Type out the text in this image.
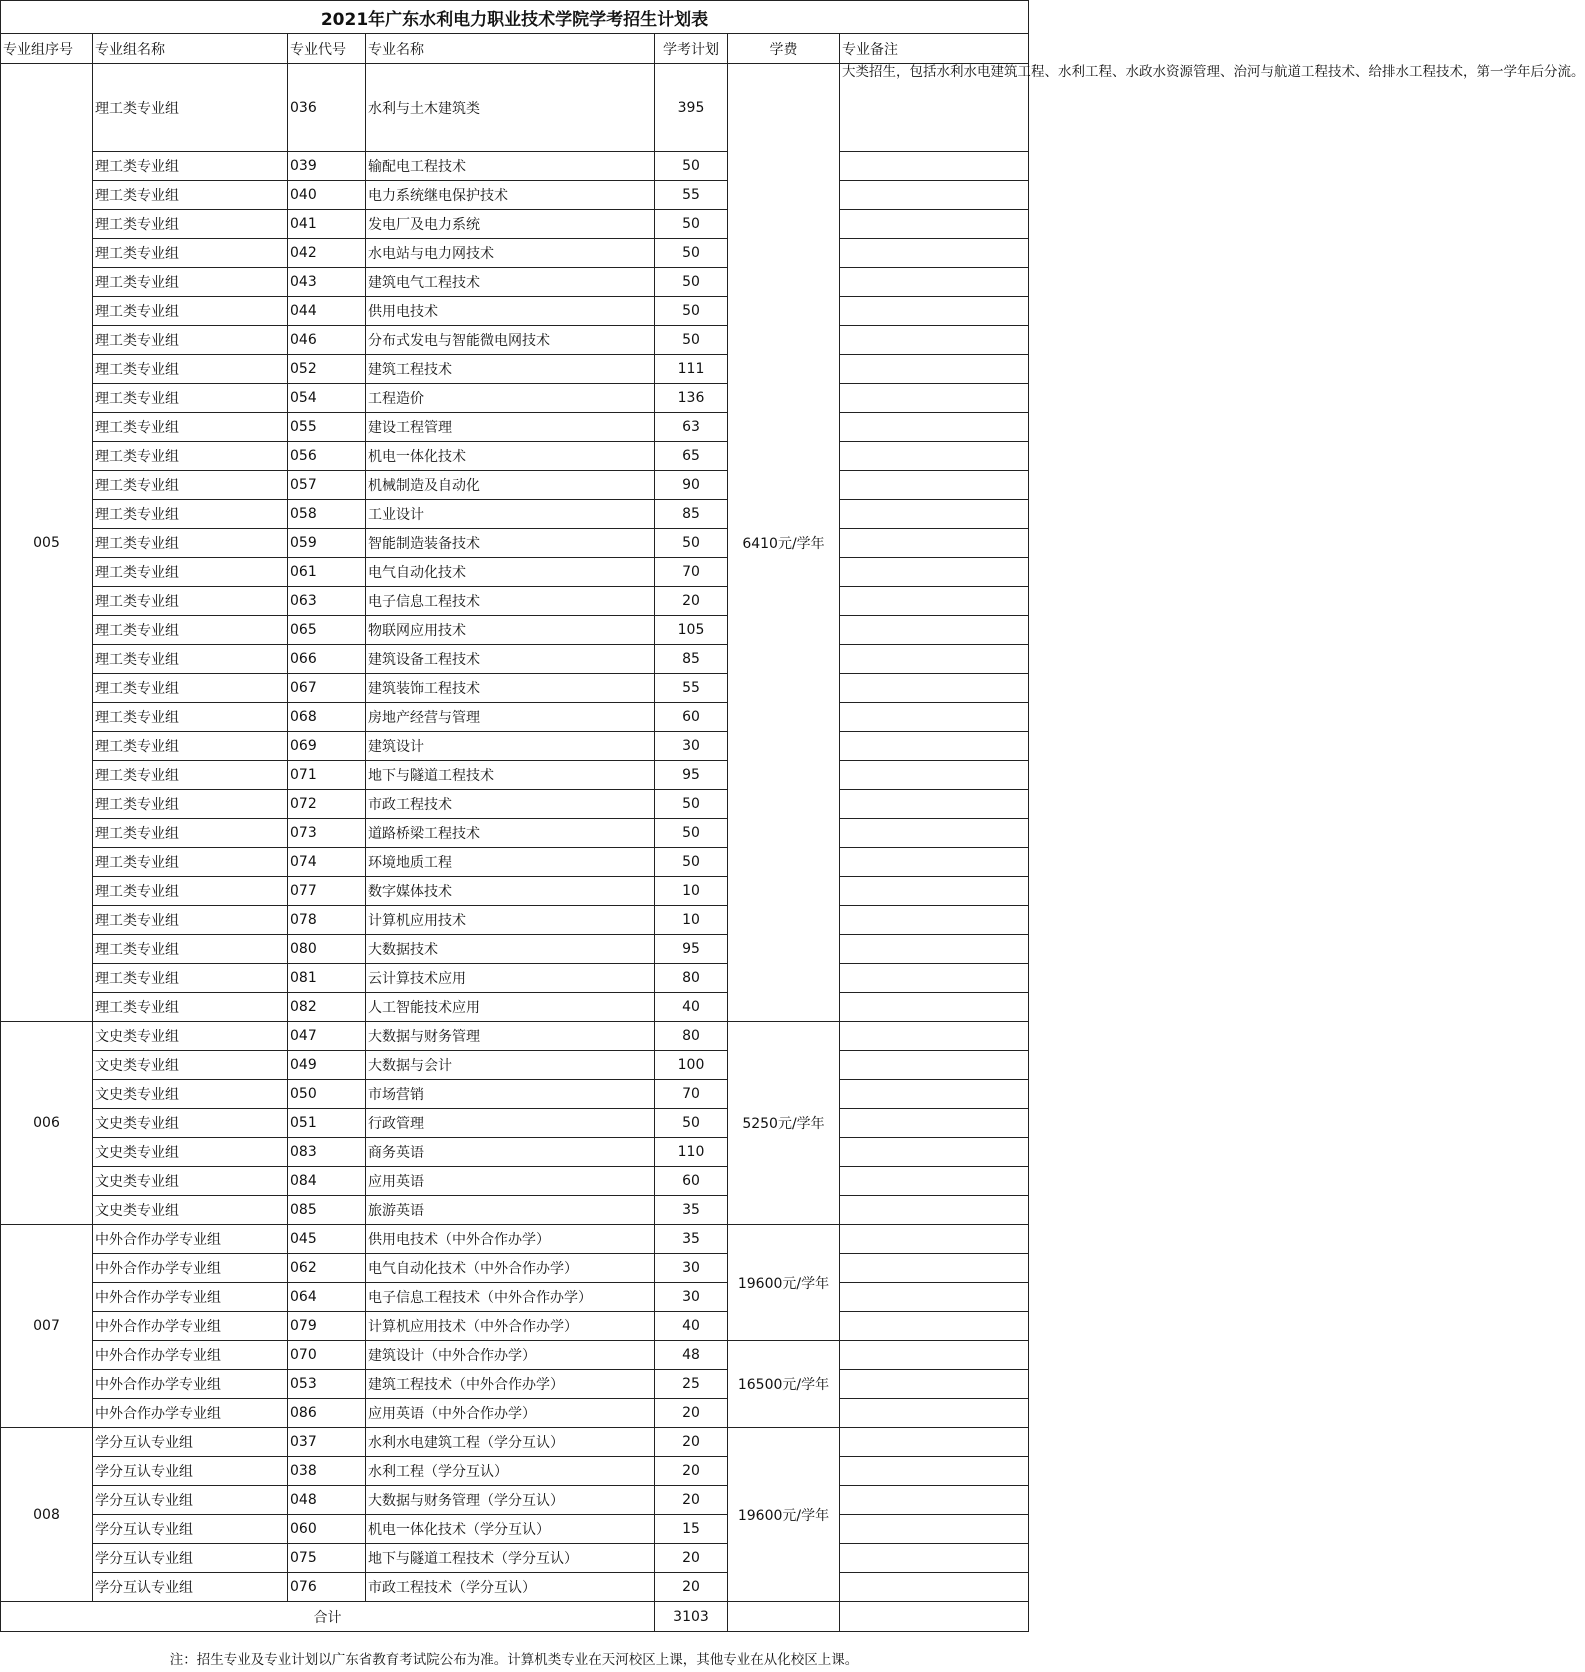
2021年广东水利电力职业技术学院学考招生计划表						
专业组序号	专业组名称	专业代号	专业名称	学考计划	学费	专业备注
005	理工类专业组	036	水利与土木建筑类	395	6410元/学年	大类招生，包括水利水电建筑工程、水利工程、水政水资源管理、治河与航道工程技术、给排水工程技术，第一学年后分流。
	理工类专业组	039	输配电工程技术	50		
	理工类专业组	040	电力系统继电保护技术	55		
	理工类专业组	041	发电厂及电力系统	50		
	理工类专业组	042	水电站与电力网技术	50		
	理工类专业组	043	建筑电气工程技术	50		
	理工类专业组	044	供用电技术	50		
	理工类专业组	046	分布式发电与智能微电网技术	50		
	理工类专业组	052	建筑工程技术	111		
	理工类专业组	054	工程造价	136		
	理工类专业组	055	建设工程管理	63		
	理工类专业组	056	机电一体化技术	65		
	理工类专业组	057	机械制造及自动化	90		
	理工类专业组	058	工业设计	85		
	理工类专业组	059	智能制造装备技术	50		
	理工类专业组	061	电气自动化技术	70		
	理工类专业组	063	电子信息工程技术	20		
	理工类专业组	065	物联网应用技术	105		
	理工类专业组	066	建筑设备工程技术	85		
	理工类专业组	067	建筑装饰工程技术	55		
	理工类专业组	068	房地产经营与管理	60		
	理工类专业组	069	建筑设计	30		
	理工类专业组	071	地下与隧道工程技术	95		
	理工类专业组	072	市政工程技术	50		
	理工类专业组	073	道路桥梁工程技术	50		
	理工类专业组	074	环境地质工程	50		
	理工类专业组	077	数字媒体技术	10		
	理工类专业组	078	计算机应用技术	10		
	理工类专业组	080	大数据技术	95		
	理工类专业组	081	云计算技术应用	80		
	理工类专业组	082	人工智能技术应用	40		
006	文史类专业组	047	大数据与财务管理	80	5250元/学年	
	文史类专业组	049	大数据与会计	100		
	文史类专业组	050	市场营销	70		
	文史类专业组	051	行政管理	50		
	文史类专业组	083	商务英语	110		
	文史类专业组	084	应用英语	60		
	文史类专业组	085	旅游英语	35		
007	中外合作办学专业组	045	供用电技术（中外合作办学）	35	19600元/学年	
	中外合作办学专业组	062	电气自动化技术（中外合作办学）	30		
	中外合作办学专业组	064	电子信息工程技术（中外合作办学）	30		
	中外合作办学专业组	079	计算机应用技术（中外合作办学）	40		
	中外合作办学专业组	070	建筑设计（中外合作办学）	48	16500元/学年	
	中外合作办学专业组	053	建筑工程技术（中外合作办学）	25		
	中外合作办学专业组	086	应用英语（中外合作办学）	20		
008	学分互认专业组	037	水利水电建筑工程（学分互认）	20	19600元/学年	
	学分互认专业组	038	水利工程（学分互认）	20		
	学分互认专业组	048	大数据与财务管理（学分互认）	20		
	学分互认专业组	060	机电一体化技术（学分互认）	15		
	学分互认专业组	075	地下与隧道工程技术（学分互认）	20		
	学分互认专业组	076	市政工程技术（学分互认）	20		
合计				3103		
注：招生专业及专业计划以广东省教育考试院公布为准。计算机类专业在天河校区上课，其他专业在从化校区上课。
